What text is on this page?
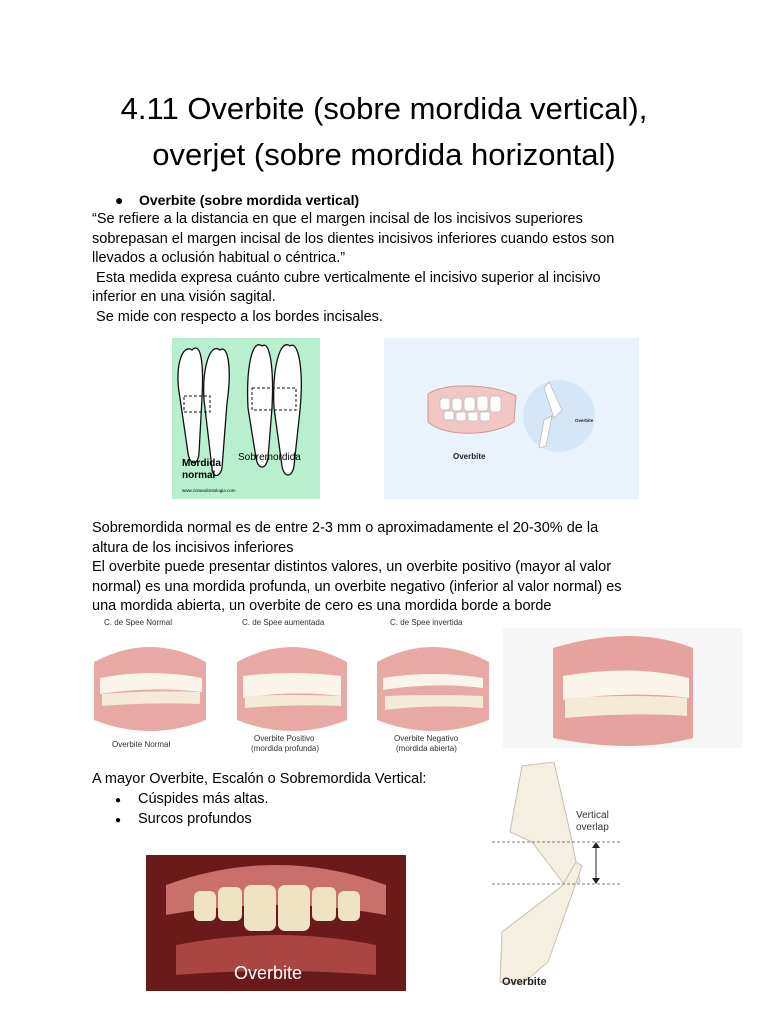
4.11 Overbite (sobre mordida vertical),
overjet (sobre mordida horizontal)
● Overbite (sobre mordida vertical)

“Se refiere a la distancia en que el margen incisal de los incisivos superiores

sobrepasan el margen incisal de los dientes incisivos inferiores cuando estos son

llevados a oclusión habitual o céntrica.”

Esta medida expresa cuánto cubre verticalmente el incisivo superior al incisivo

inferior en una visión sagital.

Se mide con respecto a los bordes incisales.

Mordida
normal
Sobremordida
www.zonaodontologia.com
Overbite
Overbite

Sobremordida normal es de entre 2-3 mm o aproximadamente el 20-30% de la

altura de los incisivos inferiores

El overbite puede presentar distintos valores, un overbite positivo (mayor al valor

normal) es una mordida profunda, un overbite negativo (inferior al valor normal) es

una mordida abierta, un overbite de cero es una mordida borde a borde

C. de Spee Normal	C. de Spee aumentada	C. de Spee invertida
Overbite Normal
Overbite Positivo
(mordida profunda)
Overbite Negativo
(mordida abierta)

A mayor Overbite, Escalón o Sobremordida Vertical:

● Cúspides más altas.
● Surcos profundos
Overbite
Vertical
overlap
Overbite
